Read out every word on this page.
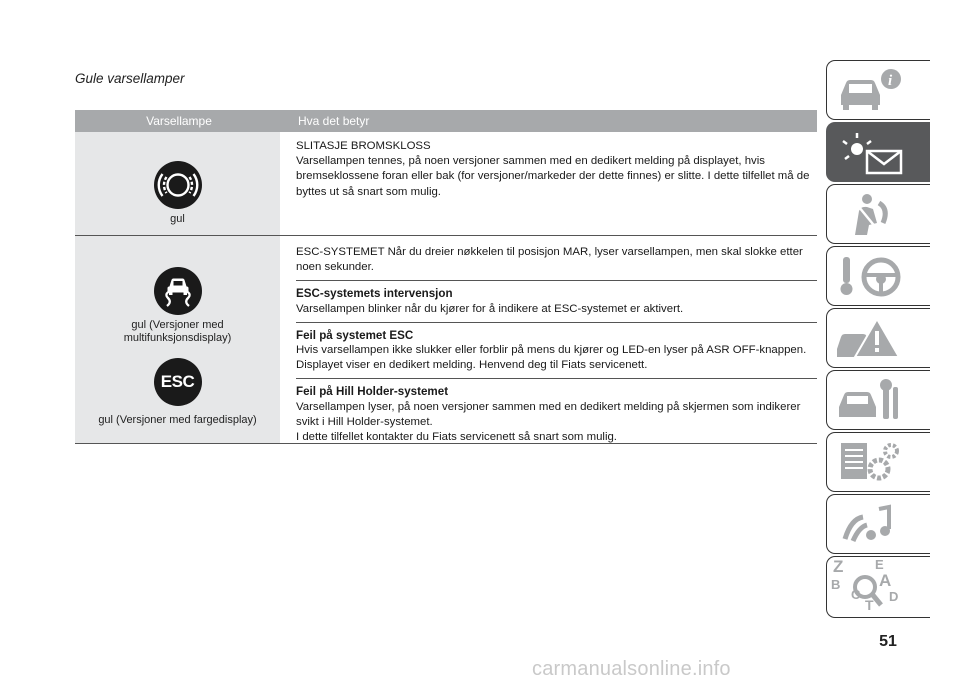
Gule varsellamper
Varsellampe	Hva det betyr
gul
SLITASJE BROMSKLOSS
Varsellampen tennes, på noen versjoner sammen med en dedikert melding på displayet, hvis bremseklossene foran eller bak (for versjoner/markeder der dette finnes) er slitte. I dette tilfellet må de byttes ut så snart som mulig.
gul (Versjoner med multifunksjonsdisplay)
ESC
gul (Versjoner med fargedisplay)
ESC-SYSTEMET Når du dreier nøkkelen til posisjon MAR, lyser varsellampen, men skal slokke etter noen sekunder.
ESC-systemets intervensjon
Varsellampen blinker når du kjører for å indikere at ESC-systemet er aktivert.
Feil på systemet ESC
Hvis varsellampen ikke slukker eller forblir på mens du kjører og LED-en lyser på ASR OFF-knappen. Displayet viser en dedikert melding. Henvend deg til Fiats servicenett.
Feil på Hill Holder-systemet
Varsellampen lyser, på noen versjoner sammen med en dedikert melding på skjermen som indikerer svikt i Hill Holder-systemet.
I dette tilfellet kontakter du Fiats servicenett så snart som mulig.
i
Z E
B A
C D
T
51
carmanualsonline.info
